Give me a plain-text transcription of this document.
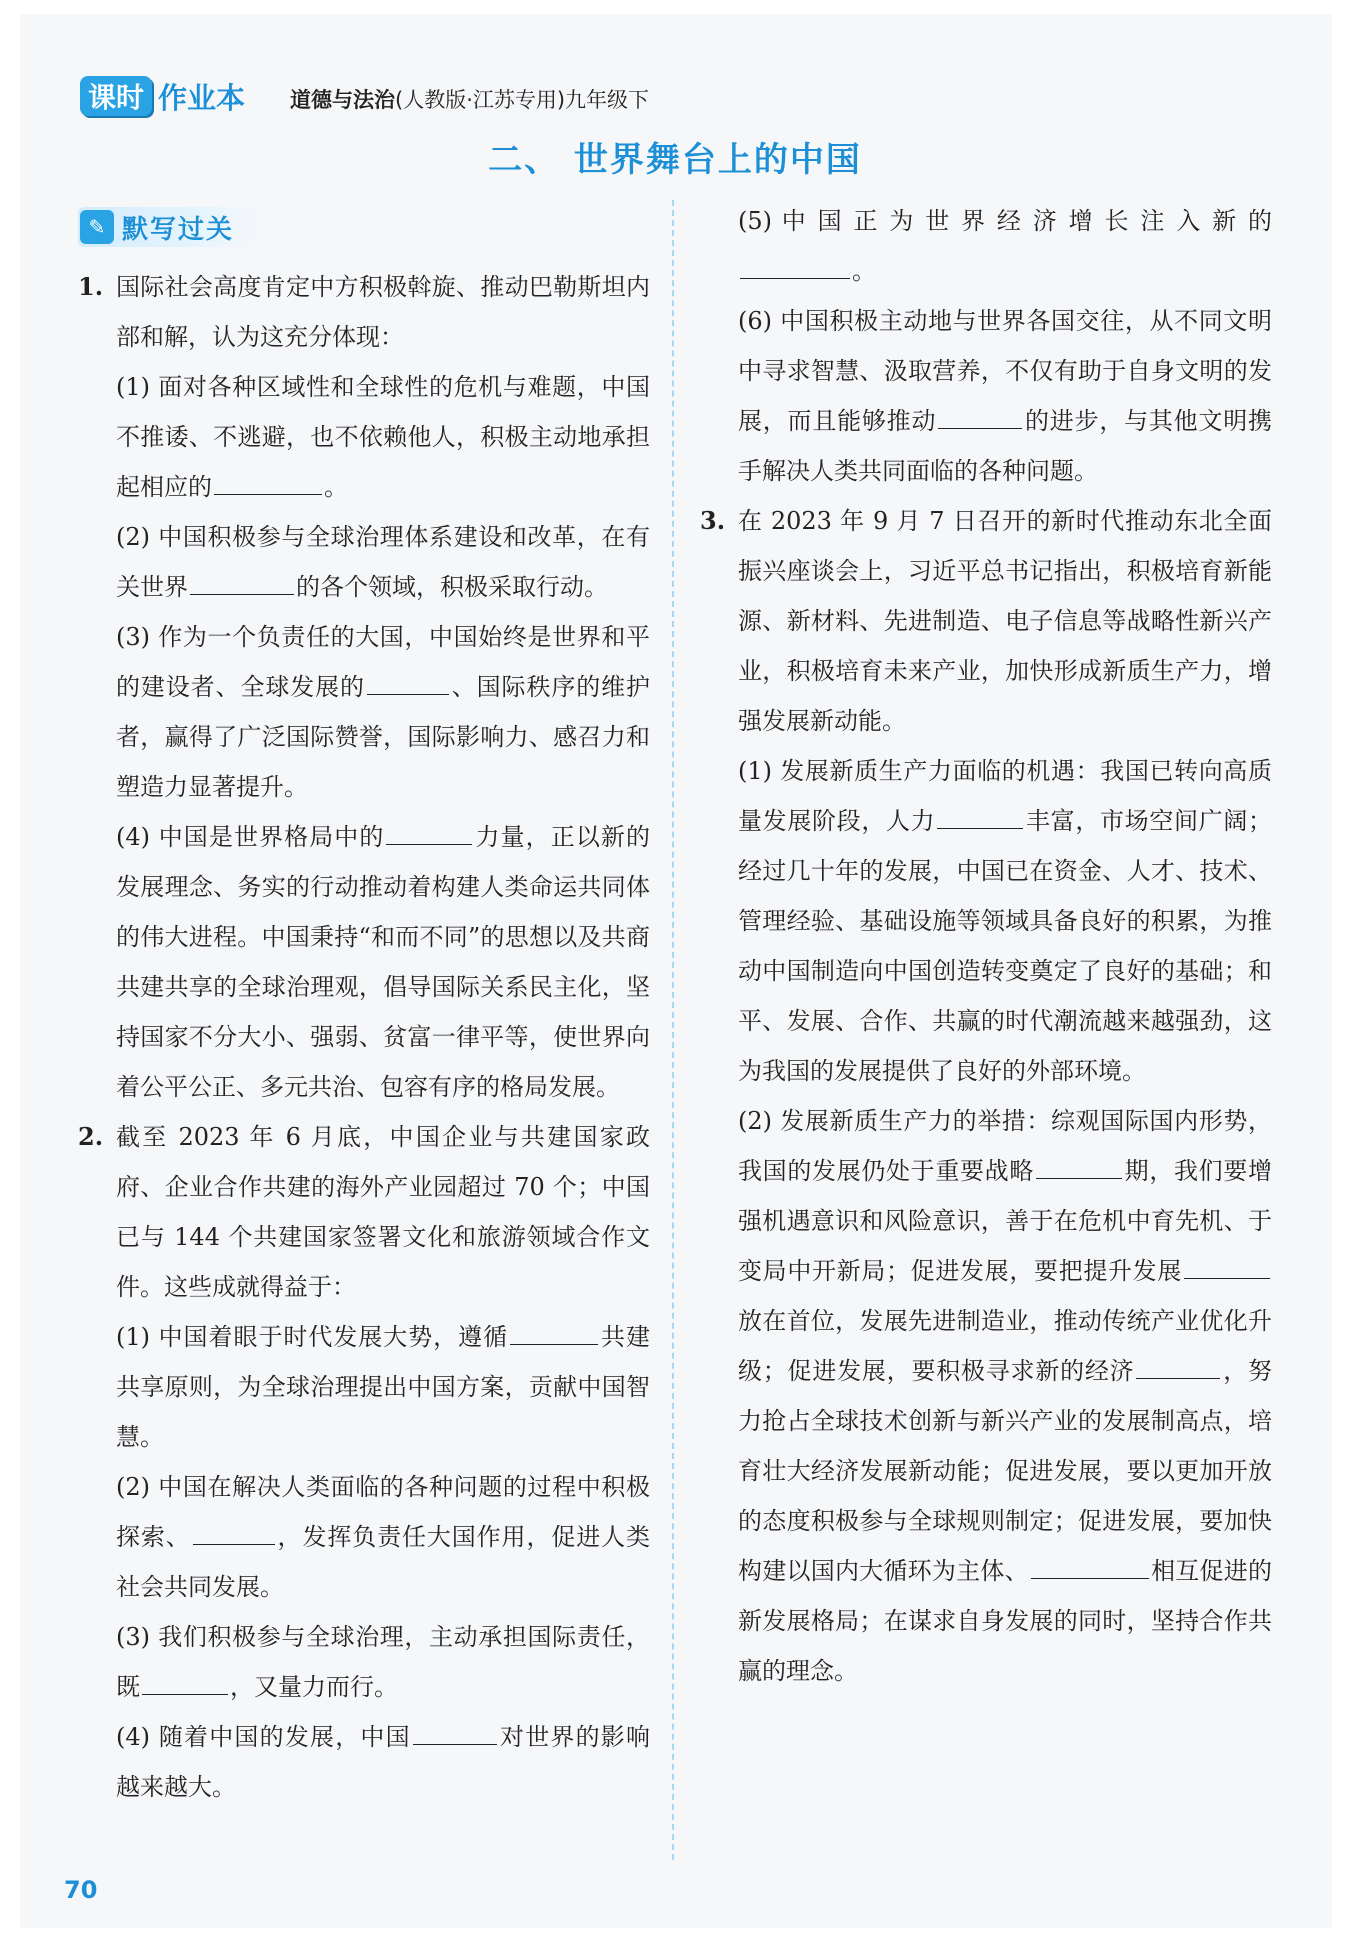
课时 作业本 道德与法治(人教版·江苏专用)九年级下
二、 世界舞台上的中国
✎ 默写过关

1. 国际社会高度肯定中方积极斡旋、推动巴勒斯坦内部和解，认为这充分体现：

(1) 面对各种区域性和全球性的危机与难题，中国不推诿、不逃避，也不依赖他人，积极主动地承担起相应的	。

(2) 中国积极参与全球治理体系建设和改革，在有关世界	的各个领域，积极采取行动。

(3) 作为一个负责任的大国，中国始终是世界和平的建设者、全球发展的	、国际秩序的维护者，赢得了广泛国际赞誉，国际影响力、感召力和塑造力显著提升。

(4) 中国是世界格局中的	力量，正以新的发展理念、务实的行动推动着构建人类命运共同体的伟大进程。中国秉持“和而不同”的思想以及共商共建共享的全球治理观，倡导国际关系民主化，坚持国家不分大小、强弱、贫富一律平等，使世界向着公平公正、多元共治、包容有序的格局发展。

2. 截至 2023 年 6 月底，中国企业与共建国家政府、企业合作共建的海外产业园超过 70 个；中国已与 144 个共建国家签署文化和旅游领域合作文件。这些成就得益于：

(1) 中国着眼于时代发展大势，遵循	共建共享原则，为全球治理提出中国方案，贡献中国智慧。

(2) 中国在解决人类面临的各种问题的过程中积极探索、	，发挥负责任大国作用，促进人类社会共同发展。

(3) 我们积极参与全球治理，主动承担国际责任，既	，又量力而行。

(4) 随着中国的发展，中国	对世界的影响越来越大。

(5) 中 国 正 为 世 界 经 济 增 长 注 入 新 的。

(6) 中国积极主动地与世界各国交往，从不同文明中寻求智慧、汲取营养，不仅有助于自身文明的发展，而且能够推动	的进步，与其他文明携手解决人类共同面临的各种问题。

3. 在 2023 年 9 月 7 日召开的新时代推动东北全面振兴座谈会上，习近平总书记指出，积极培育新能源、新材料、先进制造、电子信息等战略性新兴产业，积极培育未来产业，加快形成新质生产力，增强发展新动能。

(1) 发展新质生产力面临的机遇：我国已转向高质量发展阶段，人力	丰富，市场空间广阔；经过几十年的发展，中国已在资金、人才、技术、管理经验、基础设施等领域具备良好的积累，为推动中国制造向中国创造转变奠定了良好的基础；和平、发展、合作、共赢的时代潮流越来越强劲，这为我国的发展提供了良好的外部环境。

(2) 发展新质生产力的举措：综观国际国内形势，我国的发展仍处于重要战略	期，我们要增强机遇意识和风险意识，善于在危机中育先机、于变局中开新局；促进发展，要把提升发展放在首位，发展先进制造业，推动传统产业优化升级；促进发展，要积极寻求新的经济	，努力抢占全球技术创新与新兴产业的发展制高点，培育壮大经济发展新动能；促进发展，要以更加开放的态度积极参与全球规则制定；促进发展，要加快构建以国内大循环为主体、	相互促进的新发展格局；在谋求自身发展的同时，坚持合作共赢的理念。

70
